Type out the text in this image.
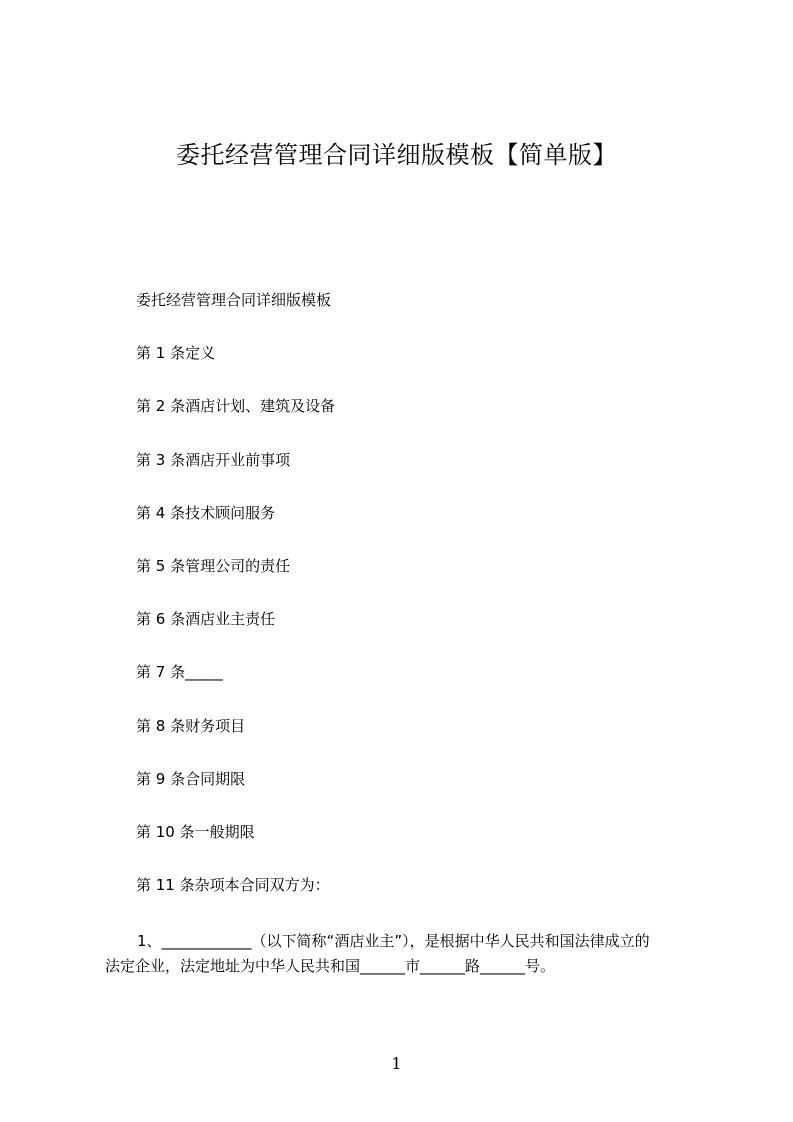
委托经营管理合同详细版模板【简单版】
委托经营管理合同详细版模板
第 1 条定义
第 2 条酒店计划、建筑及设备
第 3 条酒店开业前事项
第 4 条技术顾问服务
第 5 条管理公司的责任
第 6 条酒店业主责任
第 7 条_____
第 8 条财务项目
第 9 条合同期限
第 10 条一般期限
第 11 条杂项本合同双方为：

1、____________（以下简称“酒店业主”），是根据中华人民共和国法律成立的
法定企业，法定地址为中华人民共和国______市______路______号。

1
